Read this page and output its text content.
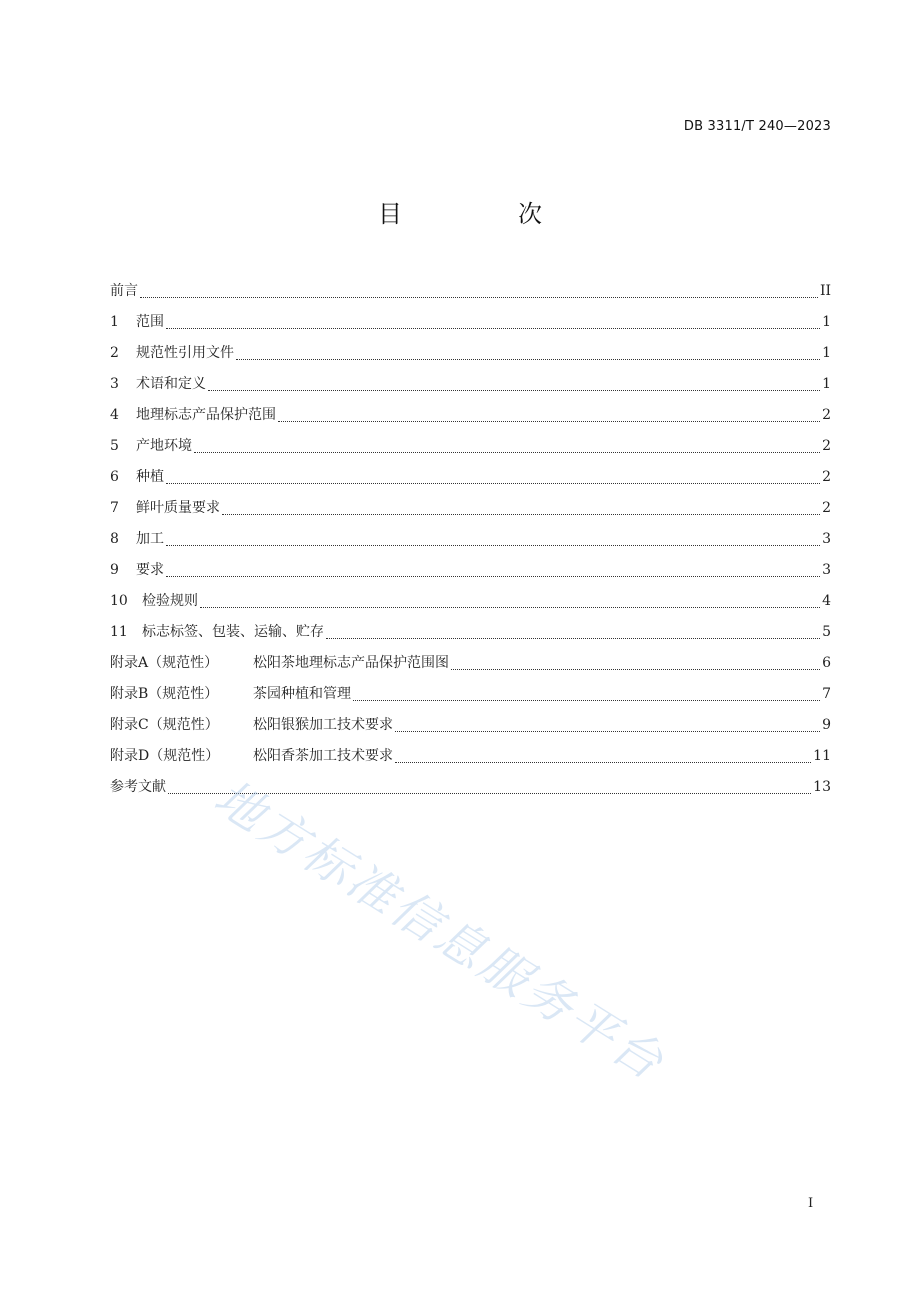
DB 3311/T 240—2023
目　次
前言	II
1	范围	1
2	规范性引用文件	1
3	术语和定义	1
4	地理标志产品保护范围	2
5	产地环境	2
6	种植	2
7	鲜叶质量要求	2
8	加工	3
9	要求	3
10	检验规则	4
11	标志标签、包装、运输、贮存	5
附录A（规范性）	松阳茶地理标志产品保护范围图	6
附录B（规范性）	茶园种植和管理	7
附录C（规范性）	松阳银猴加工技术要求	9
附录D（规范性）	松阳香茶加工技术要求	11
参考文献	13
地方标准信息服务平台
I
